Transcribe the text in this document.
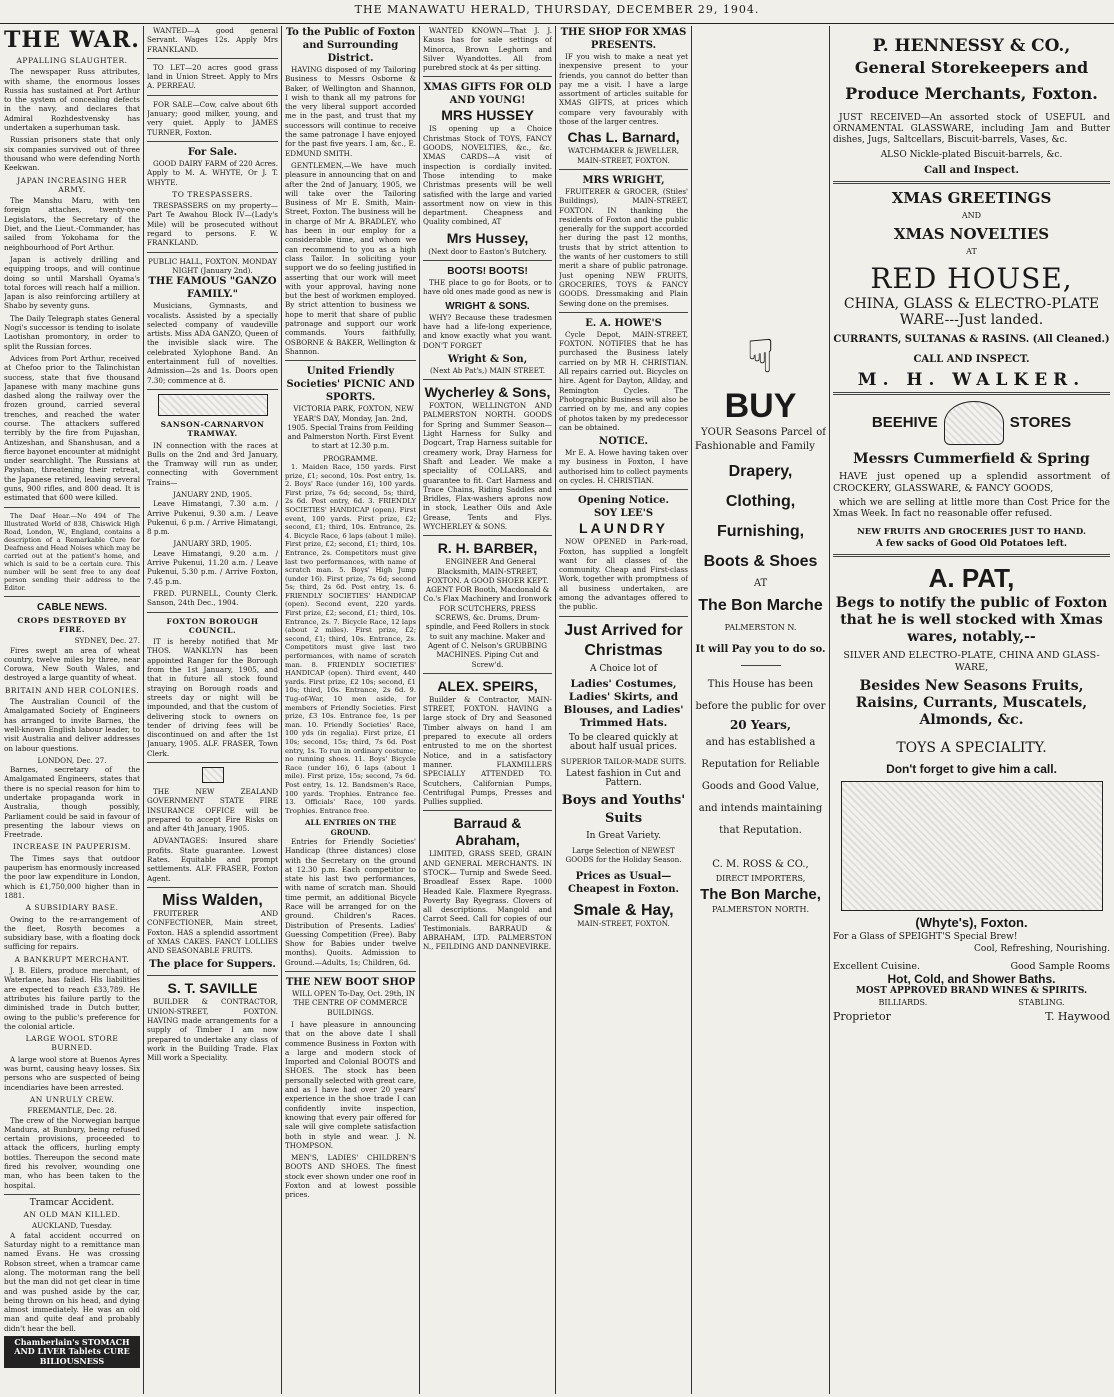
THE MANAWATU HERALD, THURSDAY, DECEMBER 29, 1904.
THE WAR.
APPALLING SLAUGHTER.

The newspaper Russ attributes, with shame, the enormous losses Russia has sustained at Port Arthur to the system of concealing defects in the navy, and declares that Admiral Rozhdestvensky has undertaken a superhuman task.

Russian prisoners state that only six companies survived out of three thousand who were defending North Keekwan.

JAPAN INCREASING HER ARMY.

The Manshu Maru, with ten foreign attaches, twenty-one Legislators, the Secretary of the Diet, and the Lieut.-Commander, has sailed from Yokohama for the neighbourhood of Port Arthur.

Japan is actively drilling and equipping troops, and will continue doing so until Marshall Oyama's total forces will reach half a million. Japan is also reinforcing artillery at Shabo by seventy guns.

The Daily Telegraph states General Nogi's successor is tending to isolate Laotishan promontory, in order to split the Russian forces.

Advices from Port Arthur, received at Chefoo prior to the Talinchistan success, state that five thousand Japanese with many machine guns dashed along the railway over the frozen ground, carried several trenches, and reached the water course. The attackers suffered terribly by the fire from Pujashan, Antizeshan, and Shanshusan, and a fierce bayonet encounter at midnight under searchlight. The Russians at Payshan, threatening their retreat, the Japanese retired, leaving several guns, 900 rifles, and 800 dead. It is estimated that 600 were killed.

The Deaf Hear.—No 494 of The Illustrated World of 838, Chiswick High Road, London, W., England, contains a description of a Remarkable Cure for Deafness and Head Noises which may be carried out at the patient's home, and which is said to be a certain cure. This number will be sent free to any deaf person sending their address to the Editor.

CABLE NEWS.
CROPS DESTROYED BY FIRE.
SYDNEY, Dec. 27.

Fires swept an area of wheat country, twelve miles by three, near Corowa, New South Wales, and destroyed a large quantity of wheat.

BRITAIN AND HER COLONIES.

The Australian Council of the Amalgamated Society of Engineers has arranged to invite Barnes, the well-known English labour leader, to visit Australia and deliver addresses on labour questions.

LONDON, Dec. 27.

Barnes, secretary of the Amalgamated Engineers, states that there is no special reason for him to undertake propaganda work in Australia, though possibly, Parliament could be said in favour of presenting the labour views on Freetrade.

INCREASE IN PAUPERISM.

The Times says that outdoor pauperism has enormously increased the poor law expenditure in London, which is £1,750,000 higher than in 1881.

A SUBSIDIARY BASE.

Owing to the re-arrangement of the fleet, Rosyth becomes a subsidiary base, with a floating dock sufficing for repairs.

A BANKRUPT MERCHANT.

J. B. Eilers, produce merchant, of Waterlane, has failed. His liabilities are expected to reach £33,789. He attributes his failure partly to the diminished trade in Dutch butter, owing to the public's preference for the colonial article.

LARGE WOOL STORE BURNED.

A large wool store at Buenos Ayres was burnt, causing heavy losses. Six persons who are suspected of being incendiaries have been arrested.

AN UNRULY CREW.
FREEMANTLE, Dec. 28.

The crew of the Norwegian barque Mandura, at Bunbury, being refused certain provisions, proceeded to attack the officers, hurling empty bottles. Thereupon the second mate fired his revolver, wounding one man, who has been taken to the hospital.

Tramcar Accident.
AN OLD MAN KILLED.
AUCKLAND, Tuesday.

A fatal accident occurred on Saturday night to a remittance man named Evans. He was crossing Robson street, when a tramcar came along. The motorman rang the bell but the man did not get clear in time and was pushed aside by the car, being thrown on his head, and dying almost immediately. He was an old man and quite deaf and probably didn't hear the bell.

Chamberlain's STOMACH AND LIVER Tablets CURE BILIOUSNESS

WANTED—A good general Servant. Wages 12s. Apply Mrs FRANKLAND.

TO LET—20 acres good grass land in Union Street. Apply to Mrs A. PERREAU.

FOR SALE—Cow, calve about 6th January; good milker, young, and very quiet. Apply to JAMES TURNER, Foxton.

For Sale.

GOOD DAIRY FARM of 220 Acres. Apply to M. A. WHYTE, Or J. T. WHYTE.

TO TRESPASSERS.

TRESPASSERS on my property—Part Te Awahou Block IV—(Lady's Mile) will be prosecuted without regard to persons. F. W. FRANKLAND.

PUBLIC HALL, FOXTON. MONDAY NIGHT (January 2nd).
THE FAMOUS "GANZO FAMILY."

Musicians, Gymnasts, and vocalists. Assisted by a specially selected company of vaudeville artists. Miss ADA GANZO, Queen of the invisible slack wire. The celebrated Xylophone Band. An entertainment full of novelties. Admission—2s and 1s. Doors open 7.30; commence at 8.

SANSON-CARNARVON TRAMWAY.

IN connection with the races at Bulls on the 2nd and 3rd January, the Tramway will run as under, connecting with Government Trains—

JANUARY 2ND, 1905.

Leave Himatangi, 7.30 a.m. / Arrive Pukenui, 9.30 a.m. / Leave Pukenui, 6 p.m. / Arrive Himatangi, 8 p.m.

JANUARY 3RD, 1905.

Leave Himatangi, 9.20 a.m. / Arrive Pukenui, 11.20 a.m. / Leave Pukenui, 5.30 p.m. / Arrive Foxton, 7.45 p.m.

FRED. PURNELL, County Clerk. Sanson, 24th Dec., 1904.

FOXTON BOROUGH COUNCIL.

IT is hereby notified that Mr THOS. WANKLYN has been appointed Ranger for the Borough from the 1st January, 1905, and that in future all stock found straying on Borough roads and streets day or night will be impounded, and that the custom of delivering stock to owners on tender of driving fees will be discontinued on and after the 1st January, 1905. ALF. FRASER, Town Clerk.

THE NEW ZEALAND GOVERNMENT STATE FIRE INSURANCE OFFICE will be prepared to accept Fire Risks on and after 4th January, 1905.

ADVANTAGES: Insured share profits. State guarantee. Lowest Rates. Equitable and prompt settlements. ALF. FRASER, Foxton Agent.

Miss Walden,

FRUITERER AND CONFECTIONER, Main street, Foxton. HAS a splendid assortment of XMAS CAKES. FANCY LOLLIES AND SEASONABLE FRUITS.

The place for Suppers.
S. T. SAVILLE

BUILDER & CONTRACTOR, UNION-STREET, FOXTON. HAVING made arrangements for a supply of Timber I am now prepared to undertake any class of work in the Building Trade. Flax Mill work a Speciality.

To the Public of Foxton and Surrounding District.

HAVING disposed of my Tailoring Business to Messrs Osborne & Baker, of Wellington and Shannon, I wish to thank all my patrons for the very liberal support accorded me in the past, and trust that my successors will continue to receive the same patronage I have enjoyed for the past five years. I am, &c., E. EDMUND SMITH.

GENTLEMEN,—We have much pleasure in announcing that on and after the 2nd of January, 1905, we will take over the Tailoring Business of Mr E. Smith, Main-Street, Foxton. The business will be in charge of Mr A. BRADLEY, who has been in our employ for a considerable time, and whom we can recommend to you as a high class Tailor. In soliciting your support we do so feeling justified in asserting that our work will meet with your approval, having none but the best of workmen employed. By strict attention to business we hope to merit that share of public patronage and support our work commands. Yours faithfully, OSBORNE & BAKER, Wellington & Shannon.

United Friendly Societies' PICNIC AND SPORTS.

VICTORIA PARK, FOXTON, NEW YEAR'S DAY, Monday, Jan. 2nd, 1905. Special Trains from Feilding and Palmerston North. First Event to start at 12.30 p.m.

PROGRAMME.

1. Maiden Race, 150 yards. First prize, £1; second, 10s. Post entry, 1s. 2. Boys' Race (under 16), 100 yards. First prize, 7s 6d; second, 5s; third, 2s 6d. Post entry, 6d. 3. FRIENDLY SOCIETIES' HANDICAP (open). First event, 100 yards. First prize, £2; second, £1; third, 10s. Entrance, 2s. 4. Bicycle Race, 6 laps (about 1 mile). First prize, £2; second, £1; third, 10s. Entrance, 2s. Competitors must give last two performances, with name of scratch man. 5. Boys' High Jump (under 16). First prize, 7s 6d; second 5s; third, 2s 6d. Post entry, 1s. 6. FRIENDLY SOCIETIES' HANDICAP (open). Second event, 220 yards. First prize, £2; second, £1; third, 10s. Entrance, 2s. 7. Bicycle Race, 12 laps (about 2 miles). First prize, £2; second, £1; third, 10s. Entrance, 2s. Competitors must give last two performances, with name of scratch man. 8. FRIENDLY SOCIETIES' HANDICAP (open). Third event, 440 yards. First prize, £2 10s; second, £1 10s; third, 10s. Entrance, 2s 6d. 9. Tug-of-War, 10 men aside, for members of Friendly Societies. First prize, £3 10s. Entrance fee, 1s per man. 10. Friendly Societies' Race, 100 yds (in regalia). First prize, £1 10s; second, 15s; third, 7s 6d. Post entry, 1s. To run in ordinary costume; no running shoes. 11. Boys' Bicycle Race (under 16), 6 laps (about 1 mile). First prize, 15s; second, 7s 6d. Post entry, 1s. 12. Bandsmen's Race, 100 yards. Trophies. Entrance fee. 13. Officials' Race, 100 yards. Trophies. Entrance free.

ALL ENTRIES ON THE GROUND.

Entries for Friendly Societies' Handicap (three distances) close with the Secretary on the ground at 12.30 p.m. Each competitor to state his last two performances, with name of scratch man. Should time permit, an additional Bicycle Race will be arranged for on the ground. Children's Races. Distribution of Presents. Ladies' Guessing Competition (Free). Baby Show for Babies under twelve months). Quoits. Admission to Ground.—Adults, 1s; Children, 6d.

THE NEW BOOT SHOP

WILL OPEN To-Day, Oct. 29th, IN THE CENTRE OF COMMERCE BUILDINGS.

I have pleasure in announcing that on the above date I shall commence Business in Foxton with a large and modern stock of Imported and Colonial BOOTS and SHOES. The stock has been personally selected with great care, and as I have had over 20 years' experience in the shoe trade I can confidently invite inspection, knowing that every pair offered for sale will give complete satisfaction both in style and wear. J. N. THOMPSON.

MEN'S, LADIES' CHILDREN'S BOOTS AND SHOES. The finest stock ever shown under one roof in Foxton and at lowest possible prices.

WANTED KNOWN—That J. J. Kauss has for sale settings of Minorca, Brown Leghorn and Silver Wyandottes. All from purebred stock at 4s per sitting.

XMAS GIFTS FOR OLD AND YOUNG!
MRS HUSSEY

IS opening up a Choice Christmas Stock of TOYS, FANCY GOODS, NOVELTIES, &c., &c. XMAS CARDS—A visit of inspection is cordially invited. Those intending to make Christmas presents will be well satisfied with the large and varied assortment now on view in this department. Cheapness and Quality combined, AT

Mrs Hussey,
(Next door to Easton's Butchery.
BOOTS! BOOTS!

THE place to go for Boots, or to have old ones made good as new is

WRIGHT & SONS.

WHY? Because these tradesmen have had a life-long experience, and know exactly what you want. DON'T FORGET

Wright & Son,
(Next Ab Pat's,) MAIN STREET.
Wycherley & Sons,

FOXTON, WELLINGTON AND PALMERSTON NORTH. GOODS for Spring and Summer Season— Light Harness for Sulky and Dogcart, Trap Harness suitable for creamery work, Dray Harness for Shaft and Leader. We make a speciality of COLLARS, and guarantee to fit. Cart Harness and Trace Chains, Riding Saddles and Bridles, Flax-washers aprons now in stock, Leather Oils and Axle Grease, Tents and Flys. WYCHERLEY & SONS.

R. H. BARBER,

ENGINEER And General Blacksmith, MAIN-STREET, FOXTON. A GOOD SHOER KEPT. AGENT FOR Booth, Macdonald & Co.'s Flax Machinery and Ironwork FOR SCUTCHERS, PRESS SCREWS, &c. Drums, Drum-spindle, and Feed Rollers in stock to suit any machine. Maker and Agent of C. Nelson's GRUBBING MACHINES. Piping Cut and Screw'd.

ALEX. SPEIRS,

Builder & Contractor, MAIN-STREET, FOXTON. HAVING a large stock of Dry and Seasoned Timber always on hand I am prepared to execute all orders entrusted to me on the shortest Notice, and in a satisfactory manner. FLAXMILLERS SPECIALLY ATTENDED TO. Scutchers, Californian Pumps, Centrifugal Pumps, Presses and Pullies supplied.

Barraud & Abraham,

LIMITED, GRASS SEED, GRAIN AND GENERAL MERCHANTS. IN STOCK— Turnip and Swede Seed. Broadleaf Essex Rape. 1000 Headed Kale. Flaxmere Ryegrass. Poverty Bay Ryegrass. Clovers of all descriptions. Mangold and Carrot Seed. Call for copies of our Testimonials. BARRAUD & ABRAHAM, LTD. PALMERSTON N., FEILDING AND DANNEVIRKE.

THE SHOP FOR XMAS PRESENTS.

IF you wish to make a neat yet inexpensive present to your friends, you cannot do better than pay me a visit. I have a large assortment of articles suitable for XMAS GIFTS, at prices which compare very favourably with those of the larger centres.

Chas L. Barnard,
WATCHMAKER & JEWELLER, MAIN-STREET, FOXTON.
MRS WRIGHT,

FRUITERER & GROCER, (Stiles' Buildings), MAIN-STREET, FOXTON. IN thanking the residents of Foxton and the public generally for the support accorded her during the past 12 months, trusts that by strict attention to the wants of her customers to still merit a share of public patronage. Just opening NEW FRUITS, GROCERIES, TOYS & FANCY GOODS. Dressmaking and Plain Sewing done on the premises.

E. A. HOWE'S

Cycle Depot, MAIN-STREET, FOXTON. NOTIFIES that he has purchased the Business lately carried on by MR H. CHRISTIAN. All repairs carried out. Bicycles on hire. Agent for Dayton, Allday, and Remington Cycles. The Photographic Business will also be carried on by me, and any copies of photos taken by my predecessor can be obtained.

NOTICE.

Mr E. A. Howe having taken over my business in Foxton, I have authorised him to collect payments on cycles. H. CHRISTIAN.

Opening Notice.
SOY LEE'S
LAUNDRY

NOW OPENED in Park-road, Foxton, has supplied a longfelt want for all classes of the community. Cheap and First-class Work, together with promptness of all business undertaken, are among the advantages offered to the public.

Just Arrived for Christmas
A Choice lot of
Ladies' Costumes, Ladies' Skirts, and Blouses, and Ladies' Trimmed Hats.
To be cleared quickly at about half usual prices.
SUPERIOR TAILOR-MADE SUITS.
Latest fashion in Cut and Pattern.
Boys and Youths' Suits
In Great Variety.
Large Selection of NEWEST GOODS for the Holiday Season.
Prices as Usual—Cheapest in Foxton.
Smale & Hay,
MAIN-STREET, FOXTON.
☟
BUY

YOUR Seasons Parcel of Fashionable and Family

Drapery,
Clothing,
Furnishing,
Boots & Shoes
AT
The Bon Marche
PALMERSTON N.
It will Pay you to do so.
This House has been before the public for over
20 Years,
and has established a Reputation for Reliable Goods and Good Value, and intends maintaining that Reputation.
C. M. ROSS & CO.,
DIRECT IMPORTERS,
The Bon Marche,
PALMERSTON NORTH.
P. HENNESSY & CO.,
General Storekeepers and Produce Merchants, Foxton.

JUST RECEIVED—An assorted stock of USEFUL and ORNAMENTAL GLASSWARE, including Jam and Butter dishes, Jugs, Saltcellars, Biscuit-barrels, Vases, &c.

ALSO Nickle-plated Biscuit-barrels, &c.
Call and Inspect.
XMAS GREETINGS
AND
XMAS NOVELTIES
AT
RED HOUSE,
CHINA, GLASS & ELECTRO-PLATE WARE---Just landed.
CURRANTS, SULTANAS & RASINS. (All Cleaned.)
CALL AND INSPECT.
M. H. WALKER.
BEEHIVE	STORES
Messrs Cummerfield & Spring

HAVE just opened up a splendid assortment of CROCKERY, GLASSWARE, & FANCY GOODS,

which we are selling at little more than Cost Price for the Xmas Week. In fact no reasonable offer refused.

NEW FRUITS AND GROCERIES JUST TO HAND.
A few sacks of Good Old Potatoes left.
A. PAT,
Begs to notify the public of Foxton that he is well stocked with Xmas wares, notably,--
SILVER AND ELECTRO-PLATE, CHINA AND GLASS-WARE,
Besides New Seasons Fruits, Raisins, Currants, Muscatels, Almonds, &c.
TOYS A SPECIALITY.
Don't forget to give him a call.
(Whyte's), Foxton.
For a Glass of SPEIGHT'S Special Brew!
Cool, Refreshing, Nourishing.
Excellent Cuisine.	Good Sample Rooms
Hot, Cold, and Shower Baths.
MOST APPROVED BRAND WINES & SPIRITS.
BILLIARDS.	STABLING.
Proprietor	T. Haywood
